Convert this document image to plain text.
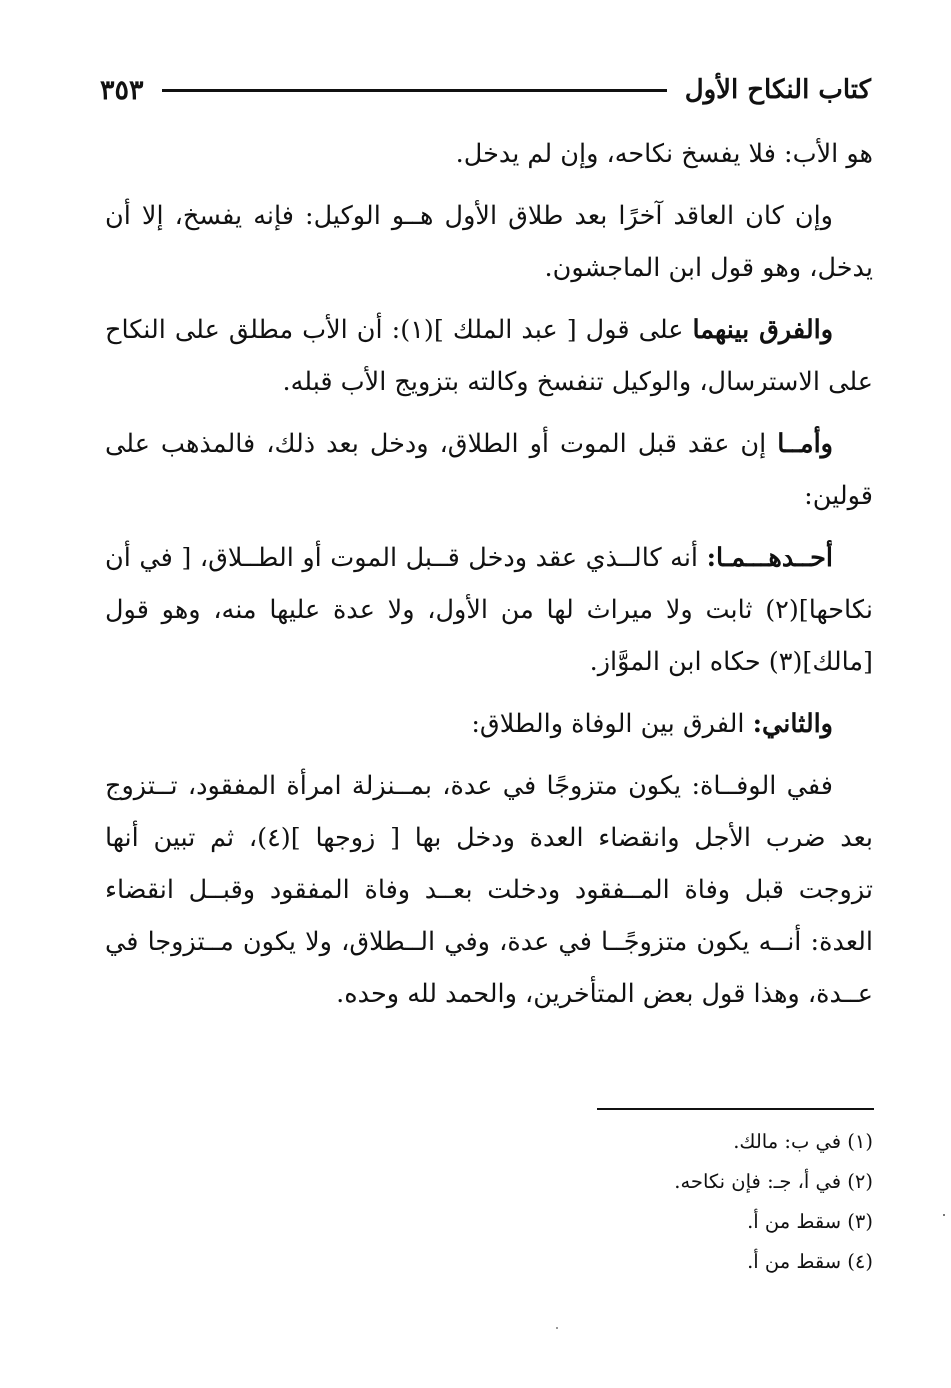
كتاب النكاح الأول
٣٥٣

هو الأب: فلا يفسخ نكاحه، وإن لم يدخل.

وإن كان العاقد آخرًا بعد طلاق الأول هــو الوكيل: فإنه يفسخ، إلا أن يدخل، وهو قول ابن الماجشون.

والفرق بينهما على قول [ عبد الملك ](١): أن الأب مطلق على النكاح على الاسترسال، والوكيل تنفسخ وكالته بتزويج الأب قبله.

وأمــا إن عقد قبل الموت أو الطلاق، ودخل بعد ذلك، فالمذهب على قولين:

أحــدهـــمـا: أنه كالــذي عقد ودخل قــبل الموت أو الطــلاق، [ في أن نكاحها](٢) ثابت ولا ميراث لها من الأول، ولا عدة عليها منه، وهو قول [مالك](٣) حكاه ابن الموَّاز.

والثاني: الفرق بين الوفاة والطلاق:

ففي الوفــاة: يكون متزوجًا في عدة، بمــنزلة امرأة المفقود، تــتزوج بعد ضرب الأجل وانقضاء العدة ودخل بها [ زوجها ](٤)، ثم تبين أنها تزوجت قبل وفاة المــفقود ودخلت بعــد وفاة المفقود وقبــل انقضاء العدة: أنــه يكون متزوجًــا في عدة، وفي الــطلاق، ولا يكون مــتزوجا في عــدة، وهذا قول بعض المتأخرين، والحمد لله وحده.

(١) في ب: مالك.
(٢) في أ، جـ: فإن نكاحه.
(٣) سقط من أ.
(٤) سقط من أ.
